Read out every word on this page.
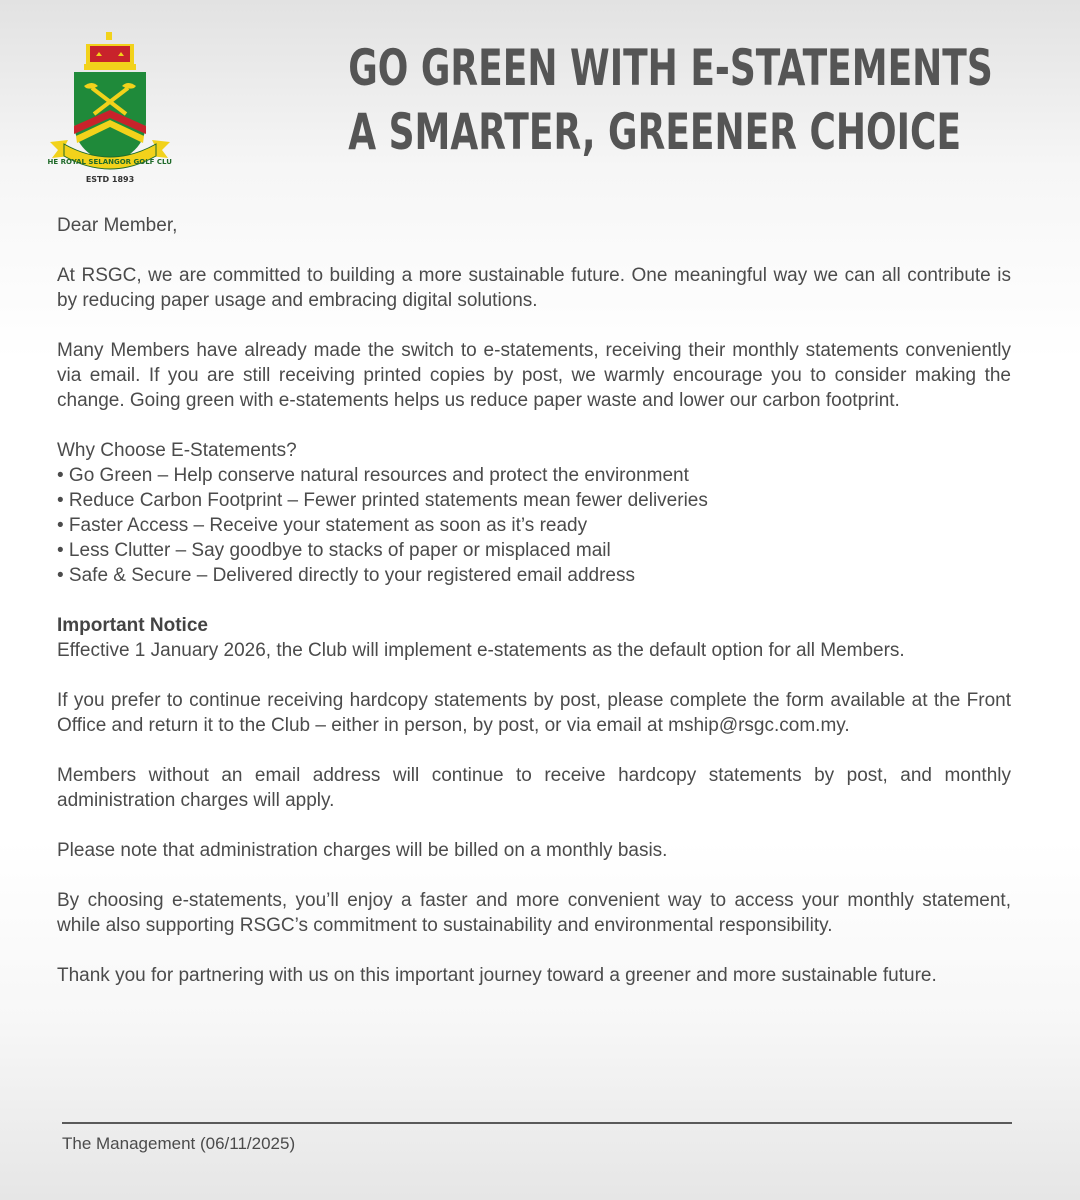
THE ROYAL SELANGOR GOLF CLUB
ESTD 1893
GO GREEN WITH E-STATEMENTS
A SMARTER, GREENER CHOICE

Dear Member,

At RSGC, we are committed to building a more sustainable future. One meaningful way we can all contribute is by reducing paper usage and embracing digital solutions.

Many Members have already made the switch to e-statements, receiving their monthly statements conveniently via email. If you are still receiving printed copies by post, we warmly encourage you to consider making the change. Going green with e-statements helps us reduce paper waste and lower our carbon footprint.

Why Choose E-Statements?
• Go Green – Help conserve natural resources and protect the environment
• Reduce Carbon Footprint – Fewer printed statements mean fewer deliveries
• Faster Access – Receive your statement as soon as it’s ready
• Less Clutter – Say goodbye to stacks of paper or misplaced mail
• Safe & Secure – Delivered directly to your registered email address
Important Notice

Effective 1 January 2026, the Club will implement e-statements as the default option for all Members.

If you prefer to continue receiving hardcopy statements by post, please complete the form available at the Front Office and return it to the Club – either in person, by post, or via email at mship@rsgc.com.my.

Members without an email address will continue to receive hardcopy statements by post, and monthly administration charges will apply.

Please note that administration charges will be billed on a monthly basis.

By choosing e-statements, you’ll enjoy a faster and more convenient way to access your monthly statement, while also supporting RSGC’s commitment to sustainability and environmental responsibility.

Thank you for partnering with us on this important journey toward a greener and more sustainable future.

The Management (06/11/2025)
